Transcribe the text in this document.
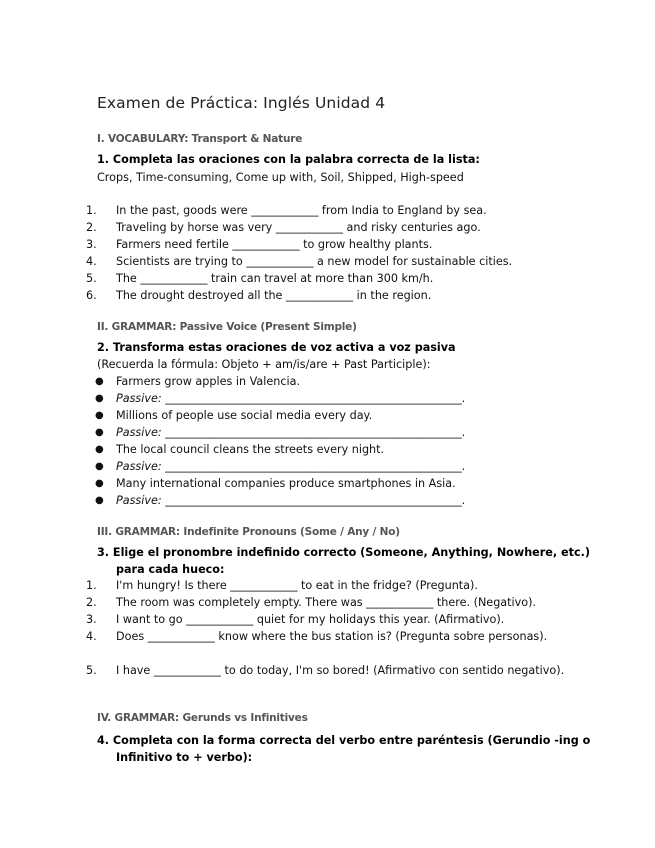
Examen de Práctica: Inglés Unidad 4
I. VOCABULARY: Transport & Nature
1. Completa las oraciones con la palabra correcta de la lista:
Crops, Time-consuming, Come up with, Soil, Shipped, High-speed
1.	In the past, goods were ____________ from India to England by sea.
2.	Traveling by horse was very ____________ and risky centuries ago.
3.	Farmers need fertile ____________ to grow healthy plants.
4.	Scientists are trying to ____________ a new model for sustainable cities.
5.	The ____________ train can travel at more than 300 km/h.
6.	The drought destroyed all the ____________ in the region.
II. GRAMMAR: Passive Voice (Present Simple)
2. Transforma estas oraciones de voz activa a voz pasiva
(Recuerda la fórmula: Objeto + am/is/are + Past Participle):
● Farmers grow apples in Valencia.
● Passive: _____________________________________________________.
● Millions of people use social media every day.
● Passive: _____________________________________________________.
● The local council cleans the streets every night.
● Passive: _____________________________________________________.
● Many international companies produce smartphones in Asia.
● Passive: _____________________________________________________.
III. GRAMMAR: Indefinite Pronouns (Some / Any / No)
3. Elige el pronombre indefinido correcto (Someone, Anything, Nowhere, etc.)
para cada hueco:
1.	I'm hungry! Is there ____________ to eat in the fridge? (Pregunta).
2.	The room was completely empty. There was ____________ there. (Negativo).
3.	I want to go ____________ quiet for my holidays this year. (Afirmativo).
4.	Does ____________ know where the bus station is? (Pregunta sobre personas).
5.	I have ____________ to do today, I'm so bored! (Afirmativo con sentido negativo).
IV. GRAMMAR: Gerunds vs Infinitives
4. Completa con la forma correcta del verbo entre paréntesis (Gerundio -ing o
Infinitivo to + verbo):
